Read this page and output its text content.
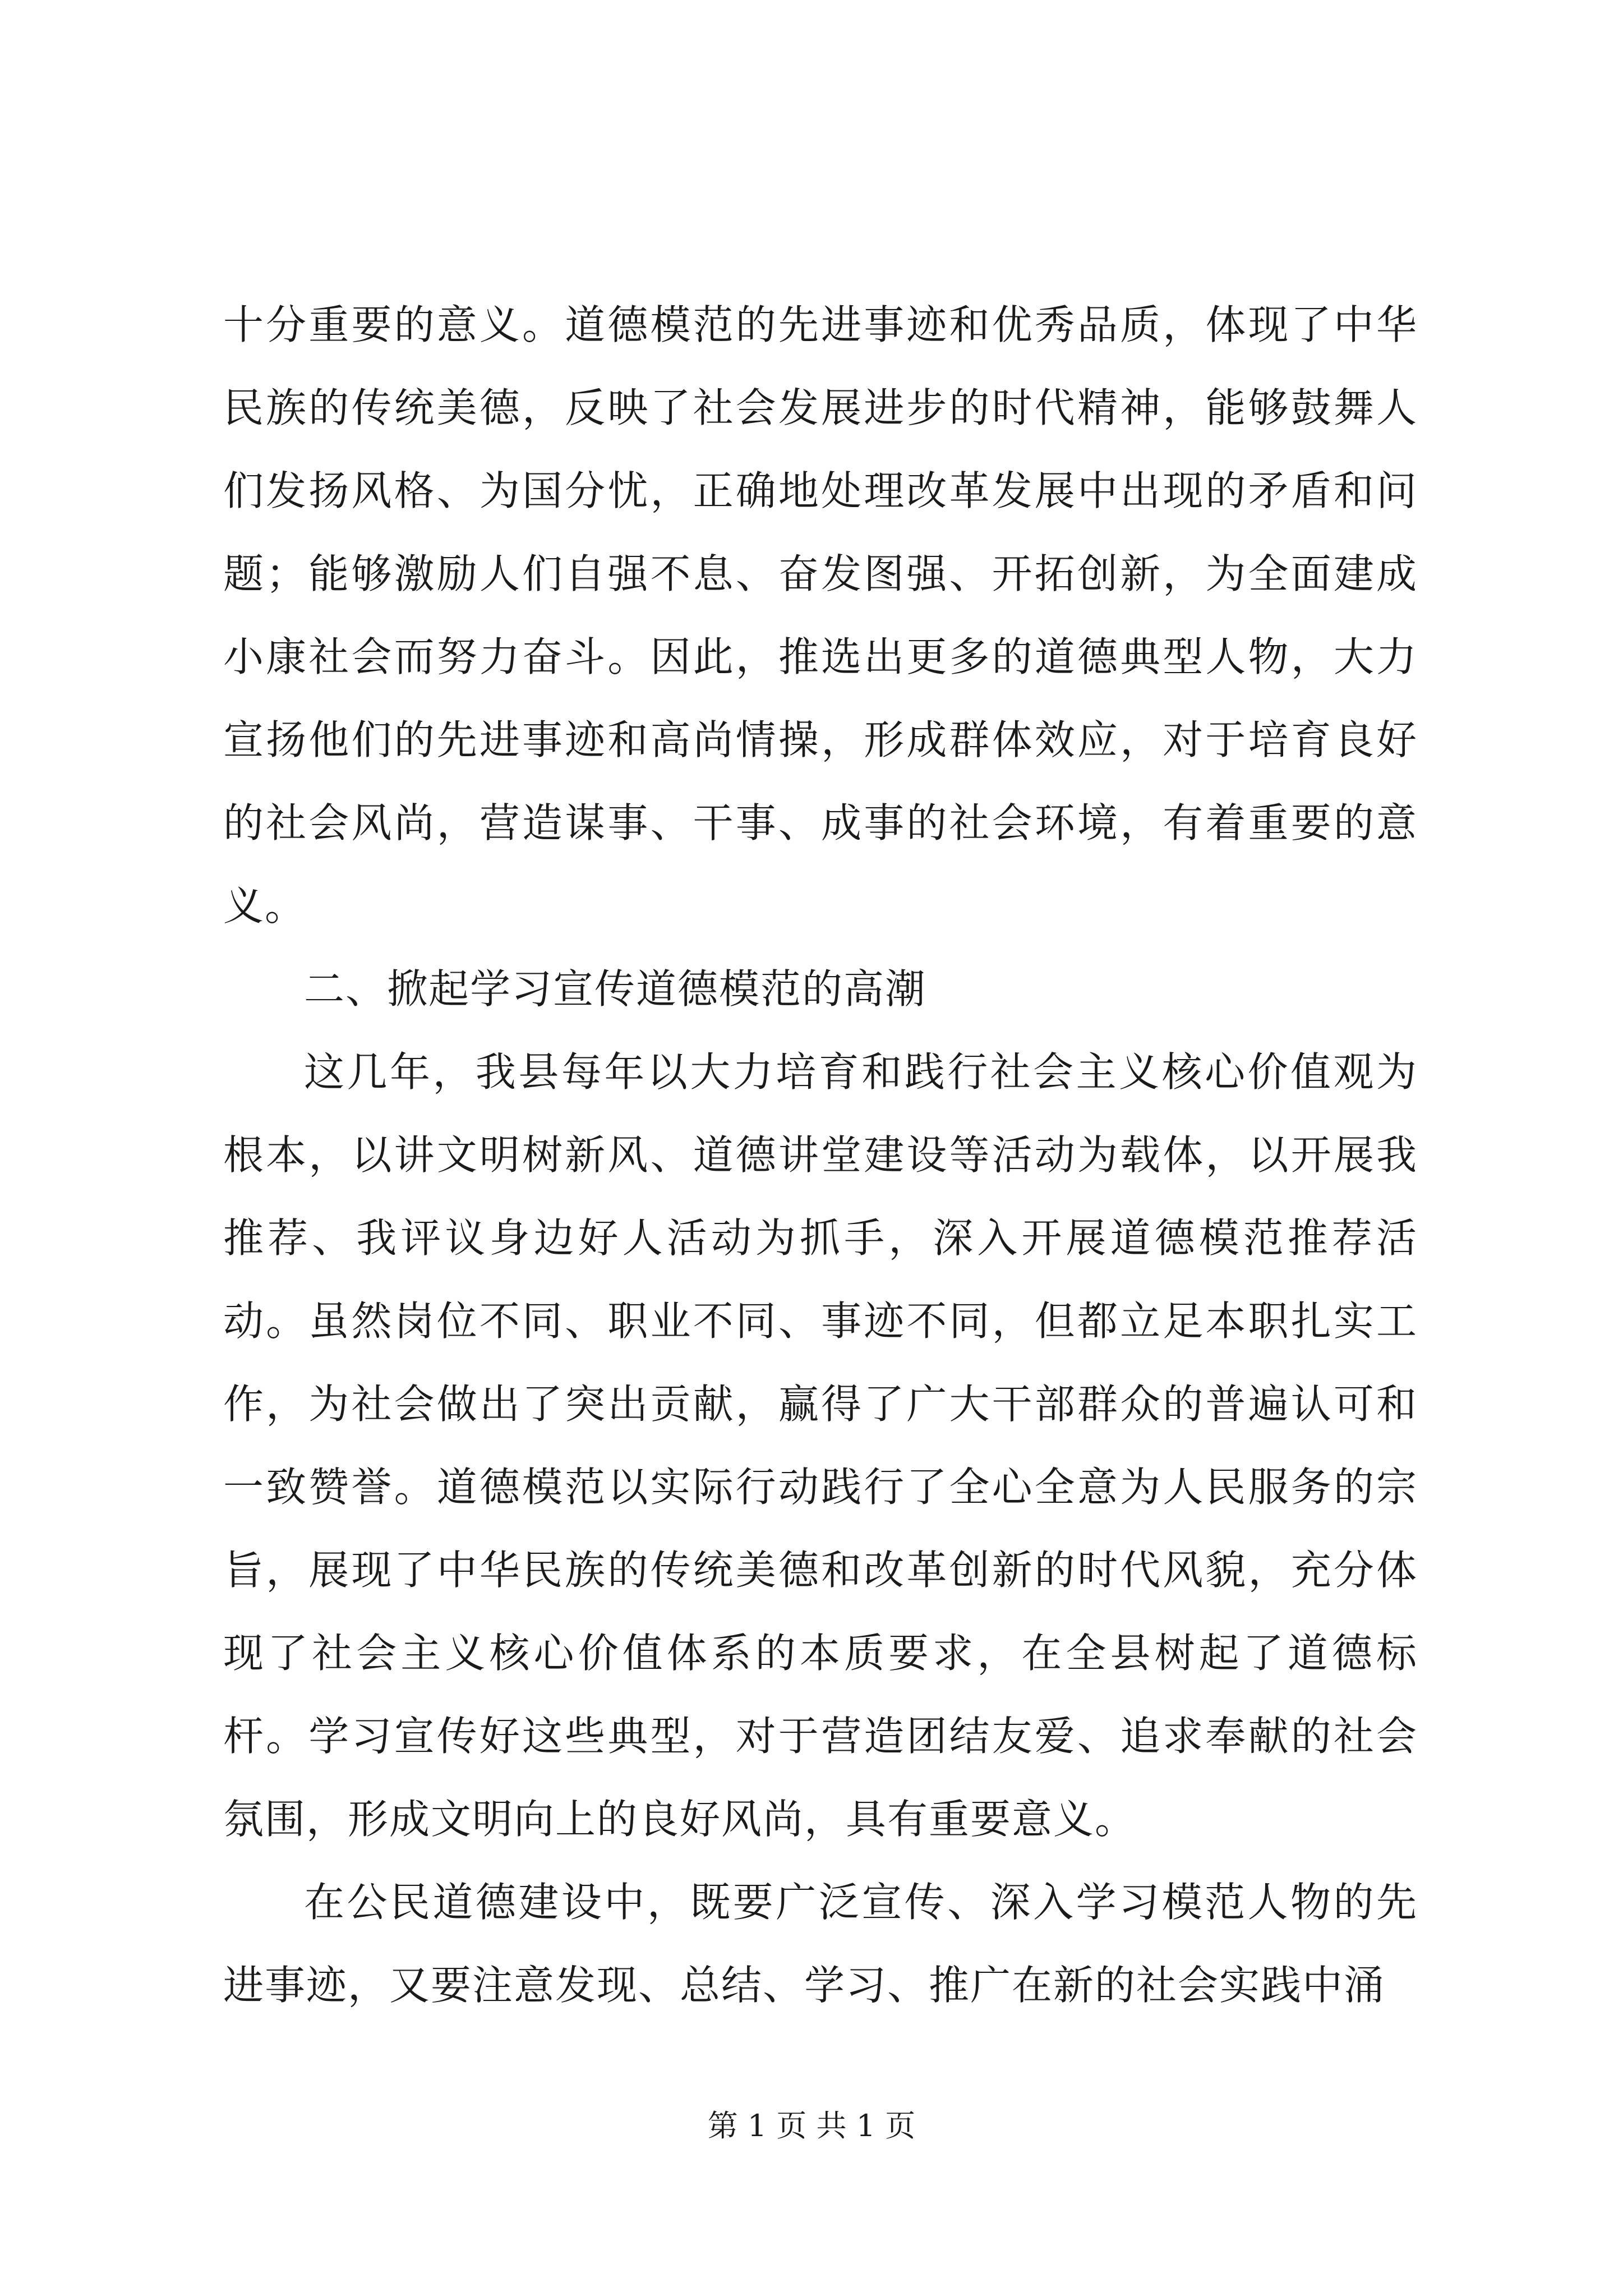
十分重要的意义。道德模范的先进事迹和优秀品质，体现了中华民族的传统美德，反映了社会发展进步的时代精神，能够鼓舞人们发扬风格、为国分忧，正确地处理改革发展中出现的矛盾和问题；能够激励人们自强不息、奋发图强、开拓创新，为全面建成小康社会而努力奋斗。因此，推选出更多的道德典型人物，大力宣扬他们的先进事迹和高尚情操，形成群体效应，对于培育良好的社会风尚，营造谋事、干事、成事的社会环境，有着重要的意义。

二、掀起学习宣传道德模范的高潮

这几年，我县每年以大力培育和践行社会主义核心价值观为根本，以讲文明树新风、道德讲堂建设等活动为载体，以开展我推荐、我评议身边好人活动为抓手，深入开展道德模范推荐活动。虽然岗位不同、职业不同、事迹不同，但都立足本职扎实工作，为社会做出了突出贡献，赢得了广大干部群众的普遍认可和一致赞誉。道德模范以实际行动践行了全心全意为人民服务的宗旨，展现了中华民族的传统美德和改革创新的时代风貌，充分体现了社会主义核心价值体系的本质要求，在全县树起了道德标杆。学习宣传好这些典型，对于营造团结友爱、追求奉献的社会氛围，形成文明向上的良好风尚，具有重要意义。

在公民道德建设中，既要广泛宣传、深入学习模范人物的先进事迹，又要注意发现、总结、学习、推广在新的社会实践中涌

第 1 页 共 1 页
